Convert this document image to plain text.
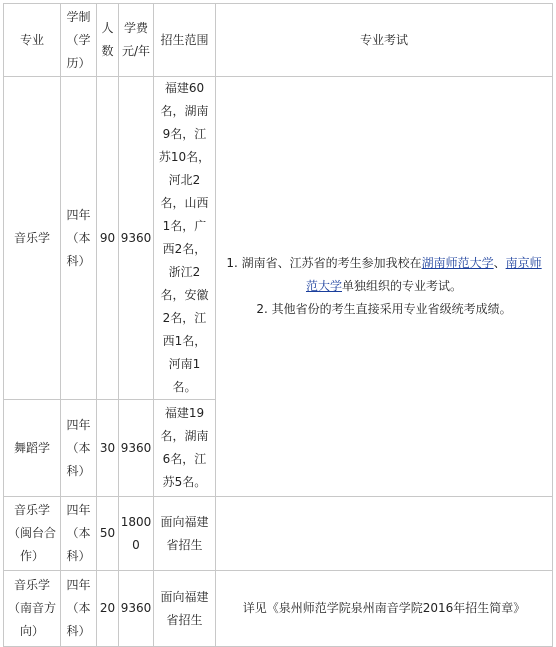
专业	学制（学历）	人数	学费元/年	招生范围	专业考试

音乐学	四年（本科）	90	9360	福建60名，湖南9名，江苏10名，河北2名，山西1名，广西2名，浙江2名，安徽2名，江西1名，河南1名。	1. 湖南省、江苏省的考生参加我校在湖南师范大学、南京师范大学单独组织的专业考试。

2. 其他省份的考生直接采用专业省级统考成绩。

舞蹈学	四年（本科）	30	9360	福建19名，湖南6名，江苏5名。	

音乐学（闽台合作）	四年（本科）	50	18000	面向福建省招生	

音乐学（南音方向）	四年（本科）	20	9360	面向福建省招生	详见《泉州师范学院泉州南音学院2016年招生简章》
